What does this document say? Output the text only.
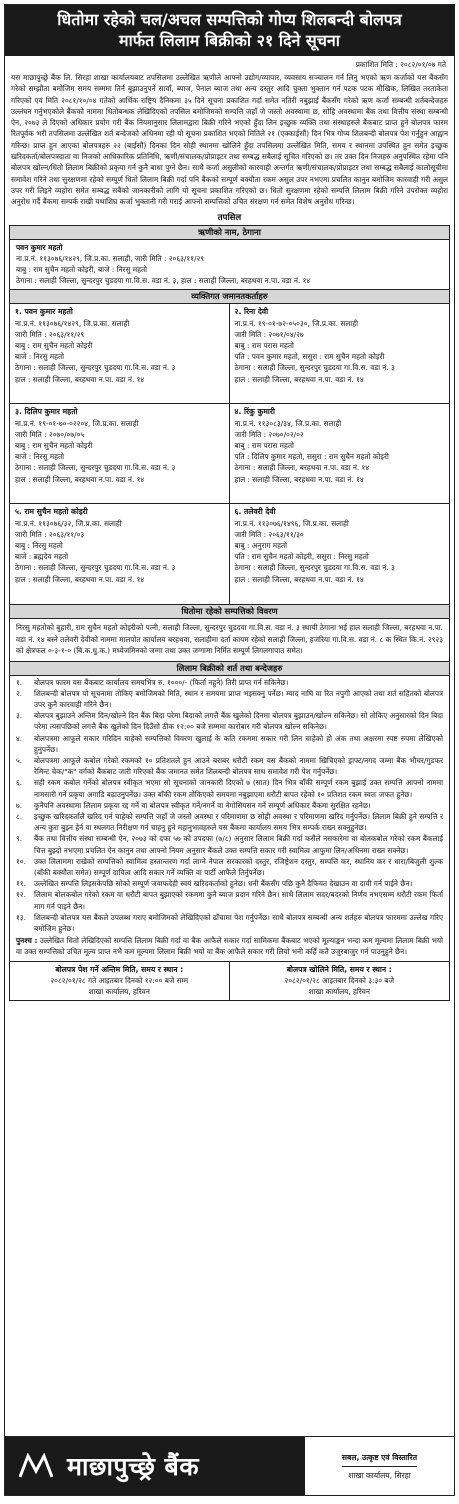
धितोमा रहेको चल/अचल सम्पत्तिको गोप्य शिलबन्दी बोलपत्र
मार्फत लिलाम बिक्रीको २१ दिने सूचना
प्रकाशित मिति : २०८२/०१/०७ गते
यस माछापुच्छ्रे बैंक लि. सिरहा शाखा कार्यालयबाट तपसिलमा उल्लेखित ऋणीले आफ्नो उद्योग/व्यापार, व्यवसाय सञ्चालन गर्न लिनु भएको ऋण कर्जाको यस बैंकसँग गरेको सम्झौता बमोजिम समय सम्ममा तिर्न बुझाउनुपर्ने सावाँ, ब्याज, पेनाल ब्याज तथा अन्य दस्तुर आदि चुक्ता भुक्तान गर्न पटक पटक मौखिक, लिखित तरताकेता गरिएको एवं मिति २०८१/१०/०४ गतेको आर्थिक राष्ट्रिय दैनिकमा ३५ दिने सूचना प्रकाशित गर्दा समेत नतिरी नबुझाई बैंकसँग गरेको ऋण कर्जा सम्बन्धी शर्तबन्देजहरु उल्लंघन गर्नुभएकोले बैंकको नाममा धितोबन्धक लेखिदिएको तपसिल बमोजिमको सम्पत्ति जहाँ जे जस्तो अवस्थामा छ, सोहि अवस्थामा बैंक तथा वित्तीय संस्था सम्बन्धी ऐन, २०७३ ले दिएको अधिकार प्रयोग गरी बैंक नियमानुसार लिलामद्वारा बिक्री गरिने भएको हुँदा लिन इच्छुक व्यक्ति तथा संस्थाहरुले बैंकबाट प्राप्त हुने बोलपत्र फारम रितपूर्वक भरी तपसिलमा उल्लेखित शर्त बन्देजको अधिनमा रही यो सूचना प्रकाशित भएको मितिले २१ (एक्काईसौं) दिन भित्र गोप्य शिलबन्दी बोलपत्र पेश गर्नुहुन आह्वान गरिन्छ। प्राप्त हुन आएका बोलपत्रहरु २२ (बाईसौं) दिनका दिन सोही स्थानमा खोलिने हुँदा तपसिलमा उल्लेखित मिति, समय र स्थानमा उपस्थित हुन समेत इच्छुक खरिदकर्ता/बोलपत्रदाता वा निजको आधिकारिक प्रतिनिधि, ऋणी/संचालक/प्रोप्राइटर तथा सम्बद्ध सबैलाई सूचित गरिएको छ। तर उक्त दिन निजहरु अनुपस्थित रहेमा पनि बोलपत्र खोल्न/धितो लिलाम बिक्रीको प्रकृया गर्न कुनै बाधा पुग्ने छैन। साथै कर्जा असुलीको कारवाही अन्तर्गत ऋणी/संचालक/प्रोप्राइटर तथा सम्बद्ध सबैलाई कालोसूचीमा समावेश गरिने तथा सुरक्षणमा रहेको सम्पूर्ण धितो लिलाम बिक्री गर्दा पनि बैंकको सम्पूर्ण बक्यौता रकम असुल उपर नभएमा प्रचलित कानुन बमोजिम कारवाही गरी असुल उपर गरी लिइने व्यहोरा समेत सम्बद्ध सबैको जानकारीको लागि यो सूचना प्रकाशित गरिएको छ। धितो सुरक्षणमा रहेको सम्पत्ति लिलाम बिक्री गरिने उपरोक्त व्यहोरा अनुरोध गर्दै बैंकमा सम्पर्क राखी यथाशिघ्र कर्जा भुक्तानी गरी गराई आफ्नो सम्पत्तिको उचित संरक्षण गर्न समेत विशेष अनुरोध गरिन्छ।
तपसिल
ऋणीको नाम, ठेगाना
पवन कुमार महतो
ना.प्र.नं. ११३०७६/१४२९, जि.प्र.का. सलाही, जारी मिति : २०६३/११/२९
बाबु : राम सुचैन महतो कोइरी, बाजे : निरसु महतो
ठेगाना : सलाही जिल्ला, सुन्दरपुर चुडदया गा.वि.स. वडा नं. ३, हाल : सलाही जिल्ला, बरहथवा न.पा. वडा नं. १४
व्यक्तिगत जमानतकर्ताहरु
१. पवन कुमार महतो
ना.प्र.नं. ११३०७६/१४२९, जि.प्र.का. सलाही
जारी मिति : २०६३/११/२९
बाबु : राम सुचैन महतो कोइरी
बाजे : निरसु महतो
ठेगाना : सलाही जिल्ला, सुन्दरपुर चुडदया गा.वि.स. वडा नं. ३
हाल : सलाही जिल्ला, बरहथवा न.पा. वडा नं. १४
२. रिना देवी
ना.प्र.नं. १९-०१-७२-०५०३०, जि.प्र.का. सलाही
जारी मिति : २०७१/०४/२७
बाबु : राम परास महतो
पति : पवन कुमार महतो, ससुरा : राम सुचैन महतो कोइरी
ठेगाना : सलाही जिल्ला, सुन्दरपुर चुडदया गा.वि.स. वडा नं. ३
हाल : सलाही जिल्ला, बरहथवा न.पा. वडा नं. १४
३. दिलिप कुमार महतो
ना.प्र.नं. १९-०१-७०-०२२०४, जि.प्र.का. सलाही
जारी मिति : २०७०/०७/०५
बाबु : राम सुचैन महतो कोइरी
बाजे : निरसु महतो
ठेगाना : सलाही जिल्ला, सुन्दरपुर चुडदया गा.वि.स. वडा नं. ३
हाल : सलाही जिल्ला, बरहथवा न.पा. वडा नं. १४
४. रिंकु कुमारी
ना.प्र.नं. ११३०८३/३४, जि.प्र.का. सलाही
जारी मिति : २०७०/०२/०२
बाबु : राम परास महतो
पति : दिलिप कुमार महतो, ससुरा : राम सुचैन महतो कोइरी
ठेगाना : सलाही जिल्ला, बरहथवा न.पा. वडा नं. १४
हाल : सलाही जिल्ला, बरहथवा न.पा. वडा नं. १४
५. राम सुचैन महतो कोइरी
ना.प्र.नं. ११३०७६/३२, जि.प्र.का. सलाही
जारी मिति : २०६३/११/०३
बाबु : निरसु महतो
बाजे : ब्रह्मदेव महतो
ठेगाना : सलाही जिल्ला, सुन्दरपुर चुडदया गा.वि.स. वडा नं. ३
हाल : सलाही जिल्ला, बरहथवा न.पा. वडा नं. १४
६. तलेवरी देवी
ना.प्र.नं. ११३०७६/१४९६, जि.प्र.का. सलाही
जारी मिति : २०६३/११/३०
बाबु : अनुराग महतो
पति : राम सुचैन महतो कोइरी, ससुरा : निरसु महतो
ठेगाना : सलाही जिल्ला, सुन्दरपुर चुडदया गा.वि.स. वडा नं. ३
हाल : सलाही जिल्ला, बरहथवा न.पा. वडा नं. १४
धितोमा रहेको सम्पत्तिको विवरण
निरसु महतोको बुहारी, राम सुचैन महतो कोइरीको पत्नी, सलाही जिल्ला, सुन्दरपुर चुडदया गा.वि.स. वडा नं. ३ स्थायी ठेगाना भई हाल सलाही जिल्ला, बरहथवा न.पा. वडा नं. १४ बस्ने तलेवरी देवीको नाममा मालपोत कार्यालय बरहथवा, सलाहीमा दर्ता कायम रहेको सलाही जिल्ला, हजरिया गा.वि.स. वडा नं. ८ क स्थित कि.नं. २९२३ को क्षेत्रफल ०-३-१-० (बि.क.धु.क.) मध्येजमिनको जग्गा तथा उक्त जग्गामा निर्मित सम्पूर्ण लिगलगापात समेत।
लिलाम बिक्रीको शर्त तथा बन्देजहरु
१.	बोलपत्र फारम यस बैंकबाट कार्यालय समयभित्र रु. १०००/- (फिर्ता नहुने) तिरी प्राप्त गर्न सकिनेछ।
२.	शिलबन्दी बोलपत्र यो सूचनामा तोकिए बमोजिमको मिति, स्थान र समयमा प्राप्त भइसक्नु पर्नेछ। म्याद नाघि वा रित नपुगी आएको तथा शर्त सहितको बोलपत्र उपर कुनै कारवाही गरिने छैन।
३.	बोलपत्र बुझाउने अन्तिम दिन/खोल्ने दिन बैंक बिदा परेमा बिदाको लगत्तै बैंक खुलेको दिनमा बोलपत्र बुझाउन/खोल्न सकिनेछ। सो तोकिए अनुसारको दिन बिदा परेमा त्यसपछिको लगत्तै बैंक खुलेको दिन दिउँसो ठीक १२:०० बजे सम्ममा कारोबार गरी बोलपत्र खोल्न सकिनेछ।
४.	बोलपत्रमा आफूले सकार गरिदिन चाहेको सम्पत्तिको विवरण खुलाई के कति रकममा सकार गरी लिन चाहेको हो अंक तथा अक्षरमा स्पष्ट रुपमा लेखिएको हुनुपर्नेछ।
५.	बोलपत्रमा आफूले कबोल गरेको रकमको १० प्रतिशतले हुन आउने बराबर धरौटी रकम यस बैंकको नाममा खिचिएको ड्राफ्ट/नगद जम्मा बैंक भौचर/गुडफर रेमिन्ट चेक/"क" वर्गको बैंकबाट जारी गरिएको बैंक जमानत समेत शिलबन्दी बोलपत्र साथ समावेश गरी पेश गर्नुपर्नेछ।
६.	सही रकम कबोल गर्नेको बोलपत्र स्वीकृत भएमा सो सूचनाको जानकारी दिएको ७ (सात) दिन भित्र बाँकी सम्पूर्ण रकम बुझाई उक्त सम्पत्ति आफ्नो नाममा नामसारी गर्ने प्रकृया अगाडि बढाउनुपर्नेछ। उक्त बाँकी रकम तोकिएको समयमा नबुझाएमा धरौटी बापत रहेको १० प्रतिशत रकम स्वतः जफत हुनेछ।
७.	कुनैपनि अवस्थामा लिलाम प्रकृया रद्द गर्ने वा बोलपत्र स्वीकृत गर्ने/नगर्ने वा नेगोसियसन गर्ने सम्पूर्ण अधिकार बैंकमा सुरक्षित रहनेछ।
८.	इच्छुक खरिदकर्तालै खरिद गर्न चाहेको सम्पत्ति जहाँ जे जस्तो अवस्था र परिमाणमा छ सोही अवस्था र परिमाणमा खरिद गर्नुपर्नेछ। लिलाम बिक्री हुने सम्पत्ति र अन्य कुरा बुझ्न हेर्न वा स्थलगत निरीक्षण गर्न चाहनु हुने महानुभावहरुले यस बैंकमा कार्यालय समय भित्र सम्पर्क राख्न सक्नुहुनेछ।
९.	बैंक तथा वित्तीय संस्था सम्बन्धी ऐन, २०७३ को दफा ५७ को उपदफा (७/८) अनुसार लिलाम बिक्री गर्दा कसैले नसकारेमा वा बोलकबोल गरेको रकम बैंकलाई चित्त बुझ्दो नभएमा प्रचलित ऐन कानुन तथा आफ्नो नियम अनुसार बैंकले उक्त सम्पत्ति सकार गरी स्वामित्व आफुमा लिन/अधिनमा राख्न सक्नेछ।
१०.	उक्त लिलाममा राखेको सम्पत्तिको स्वामित्व हस्तान्तरण गर्दा लाग्ने नेपाल सरकारको दस्तुर, रजिष्ट्रेशन दस्तुर, सम्पत्ति कर, स्थानिय कर र धारा/बिजुली शुल्क (बाँकी बक्यौता समेत) सम्पूर्ण दायित्व आदि सकार गर्ने व्यक्ति वा पार्टी आफैले तिर्नुपर्नेछ।
११.	उल्लेखित सम्पत्ति लिइसकेपछि सोको सम्पूर्ण जवाफदेही स्वयं खरिदकर्ताको हुनेछ। धनी बैंकसँग पछि कुनै दैफियत देखाउन वा दावी गर्न पाईने छैन।
१२.	लिलाम बोलकबोल गरेको रकम वा धरौटी बापत बुझाएको रकममा कुनै ब्याज प्रदान गरिने छैन। साथै लिलाम सदर/बदरको निर्णय नभएसम्म धरौटी रकम फिर्ता माग गर्न पाइने छैन।
१३.	शिलबन्दी बोलपत्र यस बैंकले उपलब्ध गराए बमोजिमको लेखिदिएको ढाँचामा पेश गर्नुपर्नेछ। साथै बोलपत्र सम्बन्धी अन्य शर्तहरु बोलपत्र फारममा उल्लेख गरिए बमोजिम हुनेछ।
पुनश्च : उल्लेखित धितो लेखिदिएको सम्पत्ति लिलाम बिक्री गर्दा वा बैंक आफैले सकार गर्दा सामिकमा बैंकबाट भएको मूल्याङ्कन भन्दा कम मूल्यमा लिलाम बिक्री भयो वा उक्त सम्पत्तिको उचित मूल्य प्राप्त नभै कम मूल्यमा लिलाम बिक्री भयो वा बैंक आफैले सकार गरी लियो भनी कहिँ कतै उजुरबाजुर गर्न पाउनुहुने छैन।
बोलपत्र पेश गर्ने अन्तिम मिति, समय र स्थान :
२०८२/०१/२८ गते आइतबार दिनको १२:०० बजे सम्म
शाखा कार्यालय, हरिवन
बोलपत्र खोलिने मिति, समय र स्थान :
२०८२/०१/२८ आइतबार दिनको ३:३० बजे
शाखा कार्यालय, हरिवन
माछापुच्छ्रे बैंक	सबल, उत्कृष्ट एवं विस्तारित
शाखा कार्यालय, सिरहा
